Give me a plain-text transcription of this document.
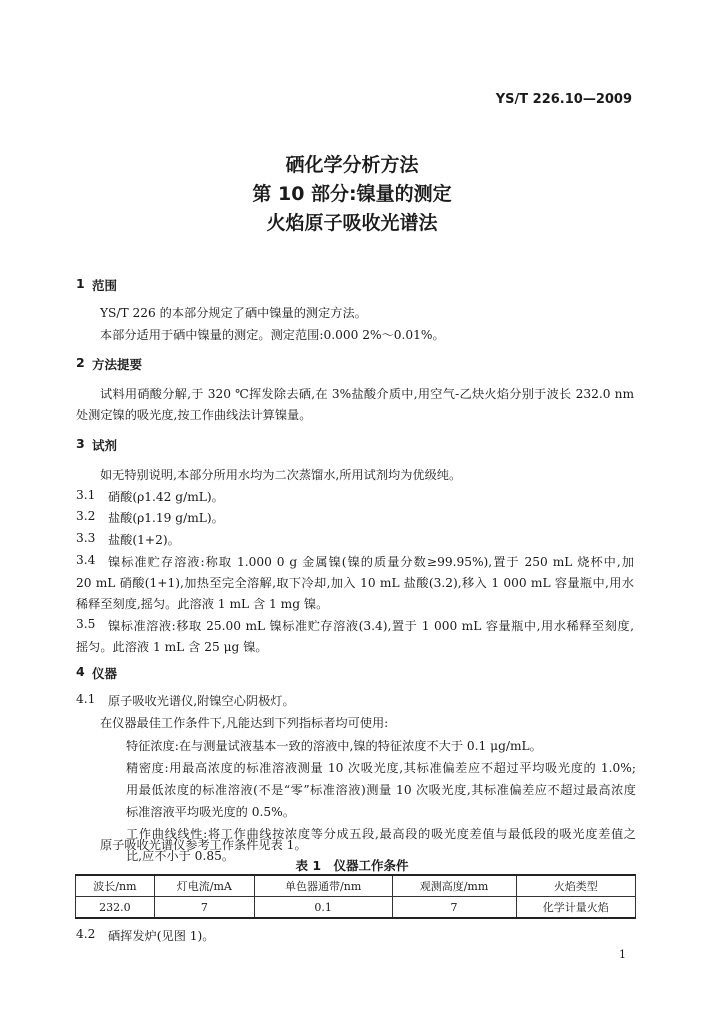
YS/T 226.10—2009
硒化学分析方法
第 10 部分:镍量的测定
火焰原子吸收光谱法
1 范围
YS/T 226 的本部分规定了硒中镍量的测定方法。
本部分适用于硒中镍量的测定。测定范围:0.000 2%～0.01%。
2 方法提要
试料用硝酸分解,于 320 ℃挥发除去硒,在 3%盐酸介质中,用空气-乙炔火焰分别于波长 232.0 nm
处测定镍的吸光度,按工作曲线法计算镍量。
3 试剂
如无特别说明,本部分所用水均为二次蒸馏水,所用试剂均为优级纯。
3.1 硝酸(ρ1.42 g/mL)。
3.2 盐酸(ρ1.19 g/mL)。
3.3 盐酸(1+2)。
3.4 镍标准贮存溶液:称取 1.000 0 g 金属镍(镍的质量分数≥99.95%),置于 250 mL 烧杯中,加
20 mL 硝酸(1+1),加热至完全溶解,取下冷却,加入 10 mL 盐酸(3.2),移入 1 000 mL 容量瓶中,用水
稀释至刻度,摇匀。此溶液 1 mL 含 1 mg 镍。
3.5 镍标准溶液:移取 25.00 mL 镍标准贮存溶液(3.4),置于 1 000 mL 容量瓶中,用水稀释至刻度,
摇匀。此溶液 1 mL 含 25 μg 镍。
4 仪器
4.1 原子吸收光谱仪,附镍空心阴极灯。
在仪器最佳工作条件下,凡能达到下列指标者均可使用:
特征浓度:在与测量试液基本一致的溶液中,镍的特征浓度不大于 0.1 μg/mL。
精密度:用最高浓度的标准溶液测量 10 次吸光度,其标准偏差应不超过平均吸光度的 1.0%;
用最低浓度的标准溶液(不是“零”标准溶液)测量 10 次吸光度,其标准偏差应不超过最高浓度
标准溶液平均吸光度的 0.5%。
工作曲线线性:将工作曲线按浓度等分成五段,最高段的吸光度差值与最低段的吸光度差值之
比,应不小于 0.85。
原子吸收光谱仪参考工作条件见表 1。
表 1　仪器工作条件
波长/nm	灯电流/mA	单色器通带/nm	观测高度/mm	火焰类型
232.0	7	0.1	7	化学计量火焰
4.2 硒挥发炉(见图 1)。
1
